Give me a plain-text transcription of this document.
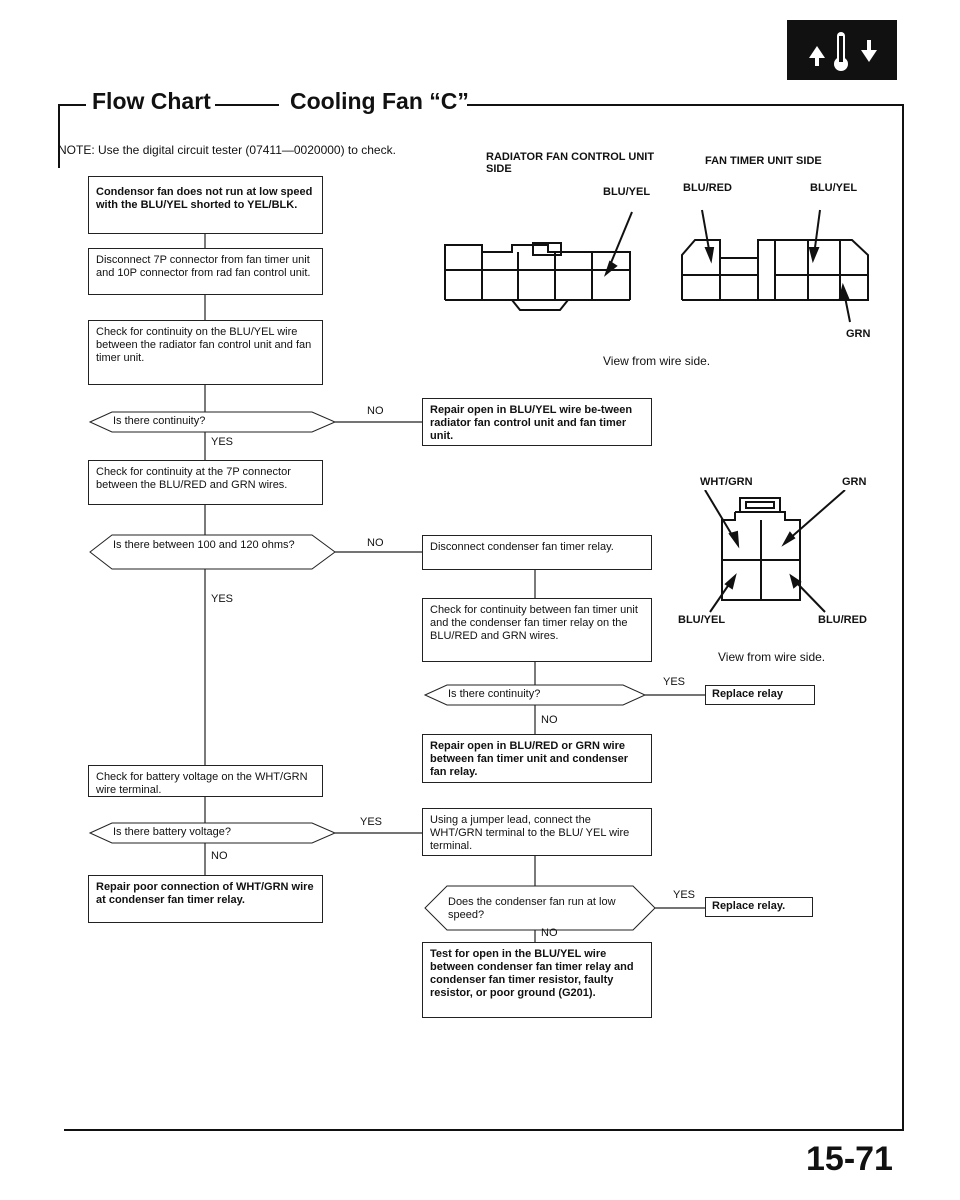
Flow Chart	Cooling Fan “C”
NOTE: Use the digital circuit tester (07411—0020000) to check.
Condensor fan does not run at low speed with the BLU/YEL shorted to YEL/BLK.
Disconnect 7P connector from fan timer unit and 10P connector from rad fan control unit.
Check for continuity on the BLU/YEL wire between the radiator fan control unit and fan timer unit.
Is there continuity?
NO	Repair open in BLU/YEL wire be-tween radiator fan control unit and fan timer unit.
YES
Check for continuity at the 7P connector between the BLU/RED and GRN wires.
Is there between 100 and 120 ohms?	NO	Disconnect condenser fan timer relay.
YES
Check for continuity between fan timer unit and the condenser fan timer relay on the BLU/RED and GRN wires.
Is there continuity?
YES
Replace relay
NO
Repair open in BLU/RED or GRN wire between fan timer unit and condenser fan relay.
Check for battery voltage on the WHT/GRN wire terminal.
Is there battery voltage?
YES	Using a jumper lead, connect the WHT/GRN terminal to the BLU/ YEL wire terminal.
NO
Repair poor connection of WHT/GRN wire at condenser fan timer relay.	Does the condenser fan run at low speed?
YES
Replace relay.
NO
Test for open in the BLU/YEL wire between condenser fan timer relay and condenser fan timer resistor, faulty resistor, or poor ground (G201).
RADIATOR FAN CONTROL UNIT SIDE
FAN TIMER UNIT SIDE
BLU/YEL	BLU/RED	BLU/YEL
GRN
View from wire side.
WHT/GRN	GRN
BLU/YEL	BLU/RED
View from wire side.
15-71
